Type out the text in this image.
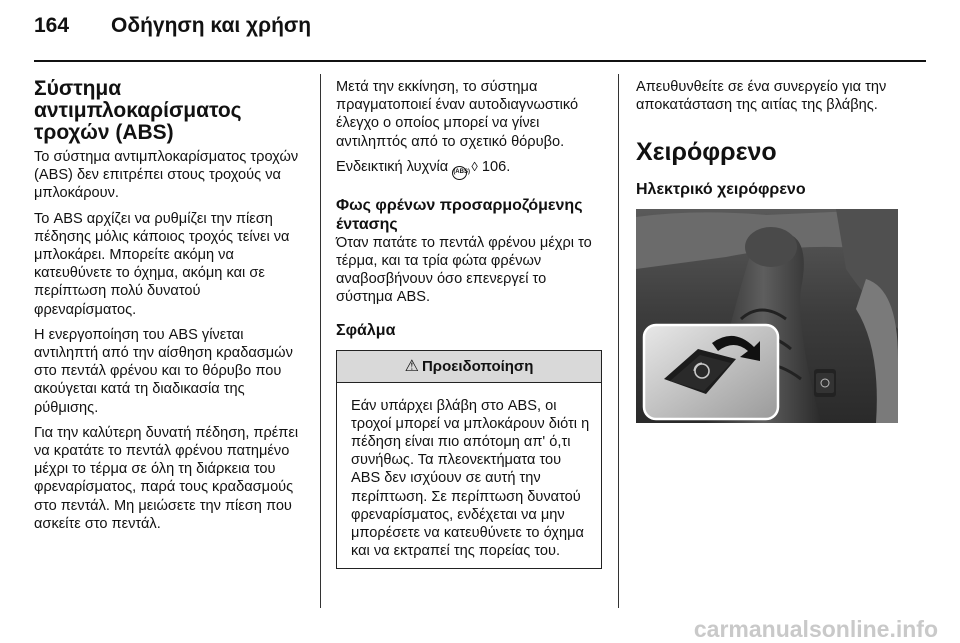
164	Οδήγηση και χρήση
Σύστημα αντιμπλοκαρίσματος τροχών (ABS)

Το σύστημα αντιμπλοκαρίσματος τροχών (ABS) δεν επιτρέπει στους τροχούς να μπλοκάρουν.

Το ABS αρχίζει να ρυθμίζει την πίεση πέδησης μόλις κάποιος τροχός τείνει να μπλοκάρει. Μπορείτε ακόμη να κατευθύνετε το όχημα, ακόμη και σε περίπτωση πολύ δυνατού φρεναρίσματος.

Η ενεργοποίηση του ABS γίνεται αντιληπτή από την αίσθηση κραδασμών στο πεντάλ φρένου και το θόρυβο που ακούγεται κατά τη διαδικασία της ρύθμισης.

Για την καλύτερη δυνατή πέδηση, πρέπει να κρατάτε το πεντάλ φρένου πατημένο μέχρι το τέρμα σε όλη τη διάρκεια του φρεναρίσματος, παρά τους κραδασμούς στο πεντάλ. Μη μειώσετε την πίεση που ασκείτε στο πεντάλ.

Μετά την εκκίνηση, το σύστημα πραγματοποιεί έναν αυτοδιαγνωστικό έλεγχο ο οποίος μπορεί να γίνει αντιληπτός από το σχετικό θόρυβο.

Ενδεικτική λυχνία (ABS) ◊ 106.

Φως φρένων προσαρμοζόμενης έντασης

Όταν πατάτε το πεντάλ φρένου μέχρι το τέρμα, και τα τρία φώτα φρένων αναβοσβήνουν όσο επενεργεί το σύστημα ABS.

Σφάλμα
⚠ Προειδοποίηση
Εάν υπάρχει βλάβη στο ABS, οι τροχοί μπορεί να μπλοκάρουν διότι η πέδηση είναι πιο απότομη απ' ό,τι συνήθως. Τα πλεονεκτήματα του ABS δεν ισχύουν σε αυτή την περίπτωση. Σε περίπτωση δυνατού φρεναρίσματος, ενδέχεται να μην μπορέσετε να κατευθύνετε το όχημα και να εκτραπεί της πορείας του.

Απευθυνθείτε σε ένα συνεργείο για την αποκατάσταση της αιτίας της βλάβης.

Χειρόφρενο
Ηλεκτρικό χειρόφρενο
carmanualsonline.info
